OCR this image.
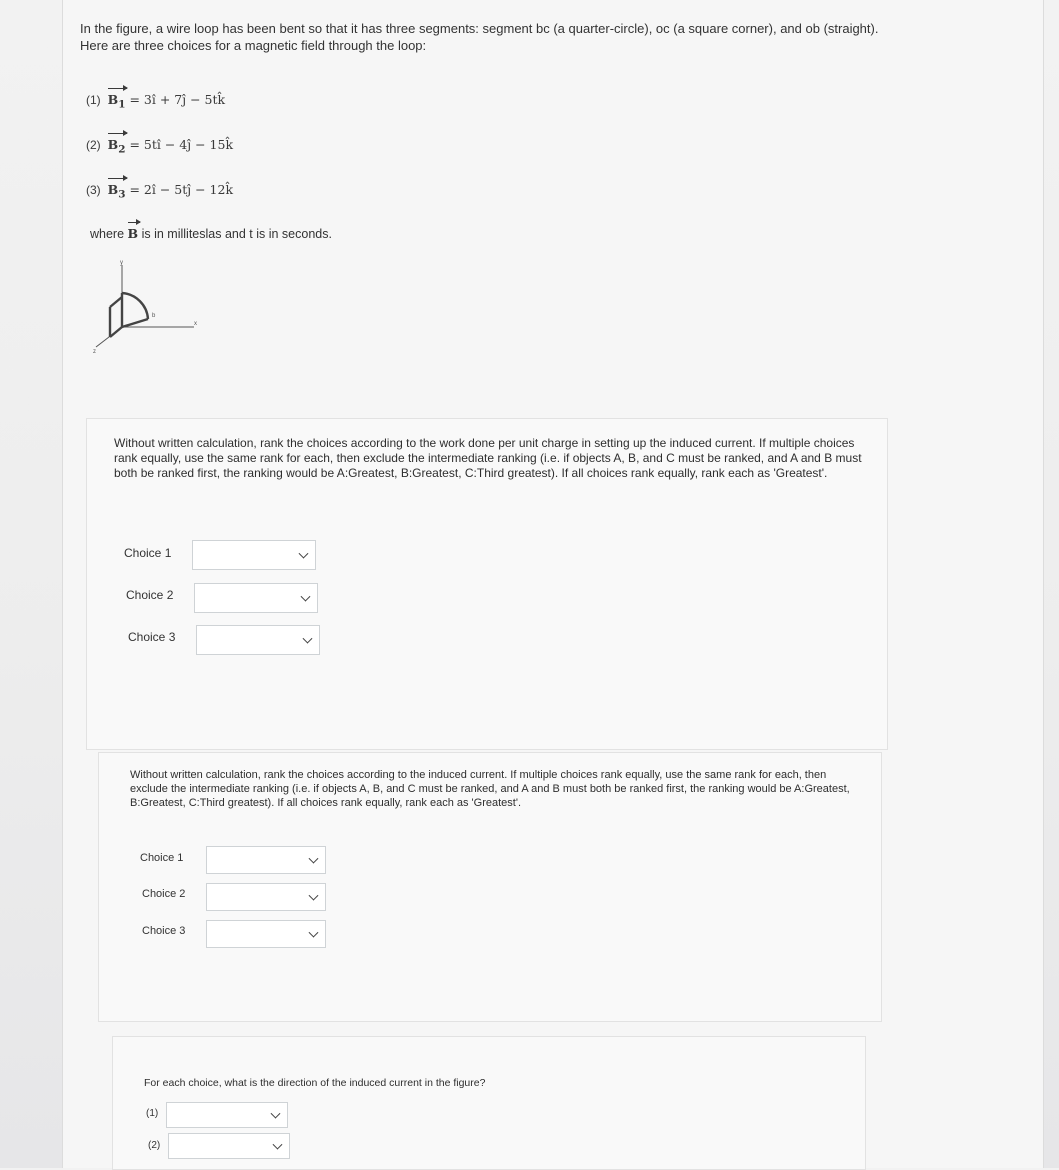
In the figure, a wire loop has been bent so that it has three segments: segment bc (a quarter-circle), oc (a square corner), and ob (straight). Here are three choices for a magnetic field through the loop:
(1) $B_1$ = 3î + 7ĵ − 5tk̂
(2) $B_2$ = 5tî − 4ĵ − 15k̂
(3) $B_3$ = 2î − 5tĵ − 12k̂
where B is in milliteslas and t is in seconds.
y
b
x
z
Without written calculation, rank the choices according to the work done per unit charge in setting up the induced current. If multiple choices rank equally, use the same rank for each, then exclude the intermediate ranking (i.e. if objects A, B, and C must be ranked, and A and B must both be ranked first, the ranking would be A:Greatest, B:Greatest, C:Third greatest). If all choices rank equally, rank each as 'Greatest'.
Choice 1
Choice 2
Choice 3
Without written calculation, rank the choices according to the induced current. If multiple choices rank equally, use the same rank for each, then exclude the intermediate ranking (i.e. if objects A, B, and C must be ranked, and A and B must both be ranked first, the ranking would be A:Greatest, B:Greatest, C:Third greatest). If all choices rank equally, rank each as 'Greatest'.
Choice 1
Choice 2
Choice 3
For each choice, what is the direction of the induced current in the figure?
(1)
(2)
